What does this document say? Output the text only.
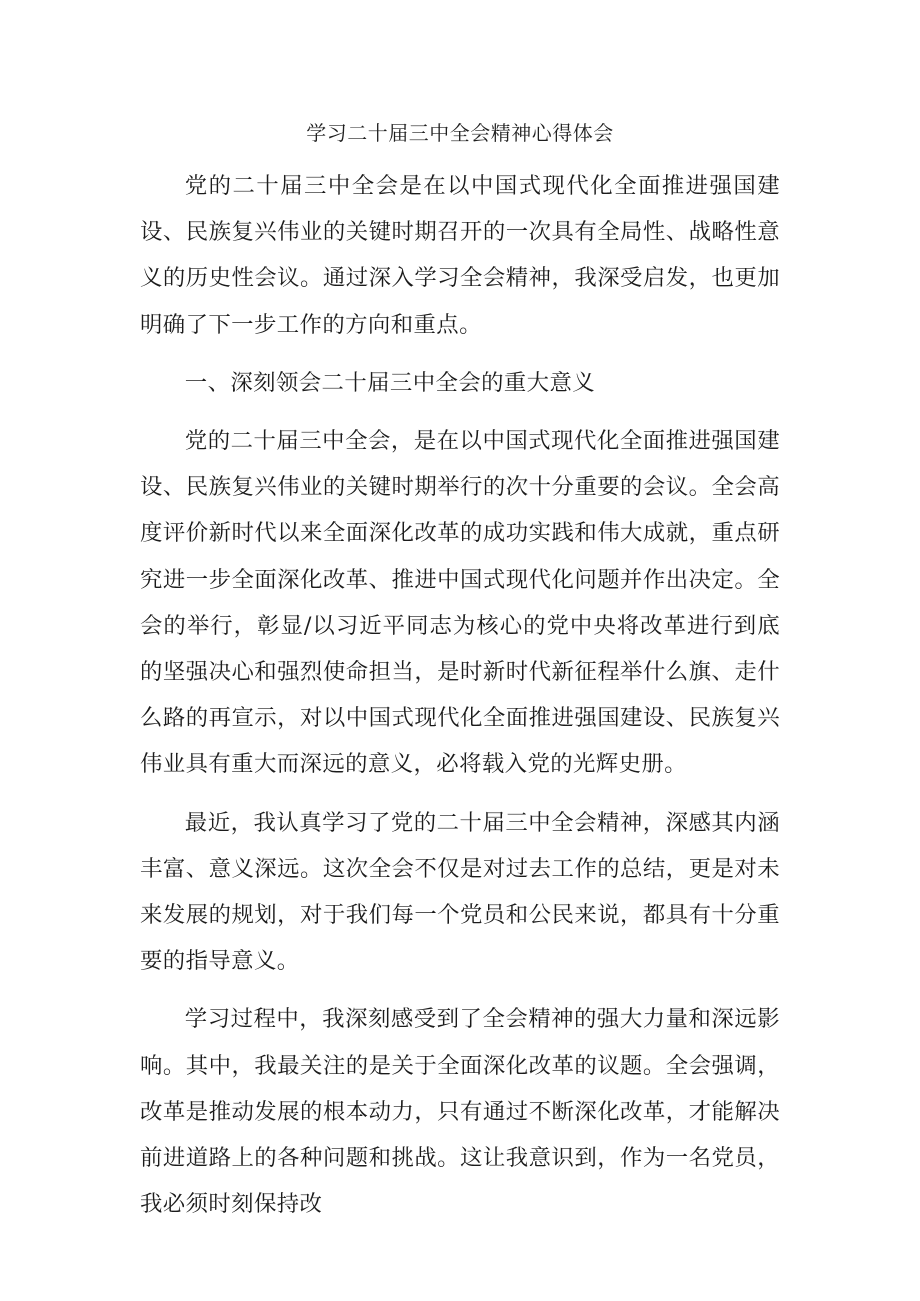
学习二十届三中全会精神心得体会

党的二十届三中全会是在以中国式现代化全面推进强国建设、民族复兴伟业的关键时期召开的一次具有全局性、战略性意义的历史性会议。通过深入学习全会精神，我深受启发，也更加明确了下一步工作的方向和重点。

一、深刻领会二十届三中全会的重大意义

党的二十届三中全会，是在以中国式现代化全面推进强国建设、民族复兴伟业的关键时期举行的次十分重要的会议。全会高度评价新时代以来全面深化改革的成功实践和伟大成就，重点研究进一步全面深化改革、推进中国式现代化问题并作出决定。全会的举行，彰显/以习近平同志为核心的党中央将改革进行到底的坚强决心和强烈使命担当，是时新时代新征程举什么旗、走什么路的再宣示，对以中国式现代化全面推进强国建设、民族复兴伟业具有重大而深远的意义，必将载入党的光辉史册。

最近，我认真学习了党的二十届三中全会精神，深感其内涵丰富、意义深远。这次全会不仅是对过去工作的总结，更是对未来发展的规划，对于我们每一个党员和公民来说，都具有十分重要的指导意义。

学习过程中，我深刻感受到了全会精神的强大力量和深远影响。其中，我最关注的是关于全面深化改革的议题。全会强调，改革是推动发展的根本动力，只有通过不断深化改革，才能解决前进道路上的各种问题和挑战。这让我意识到，作为一名党员，我必须时刻保持改
